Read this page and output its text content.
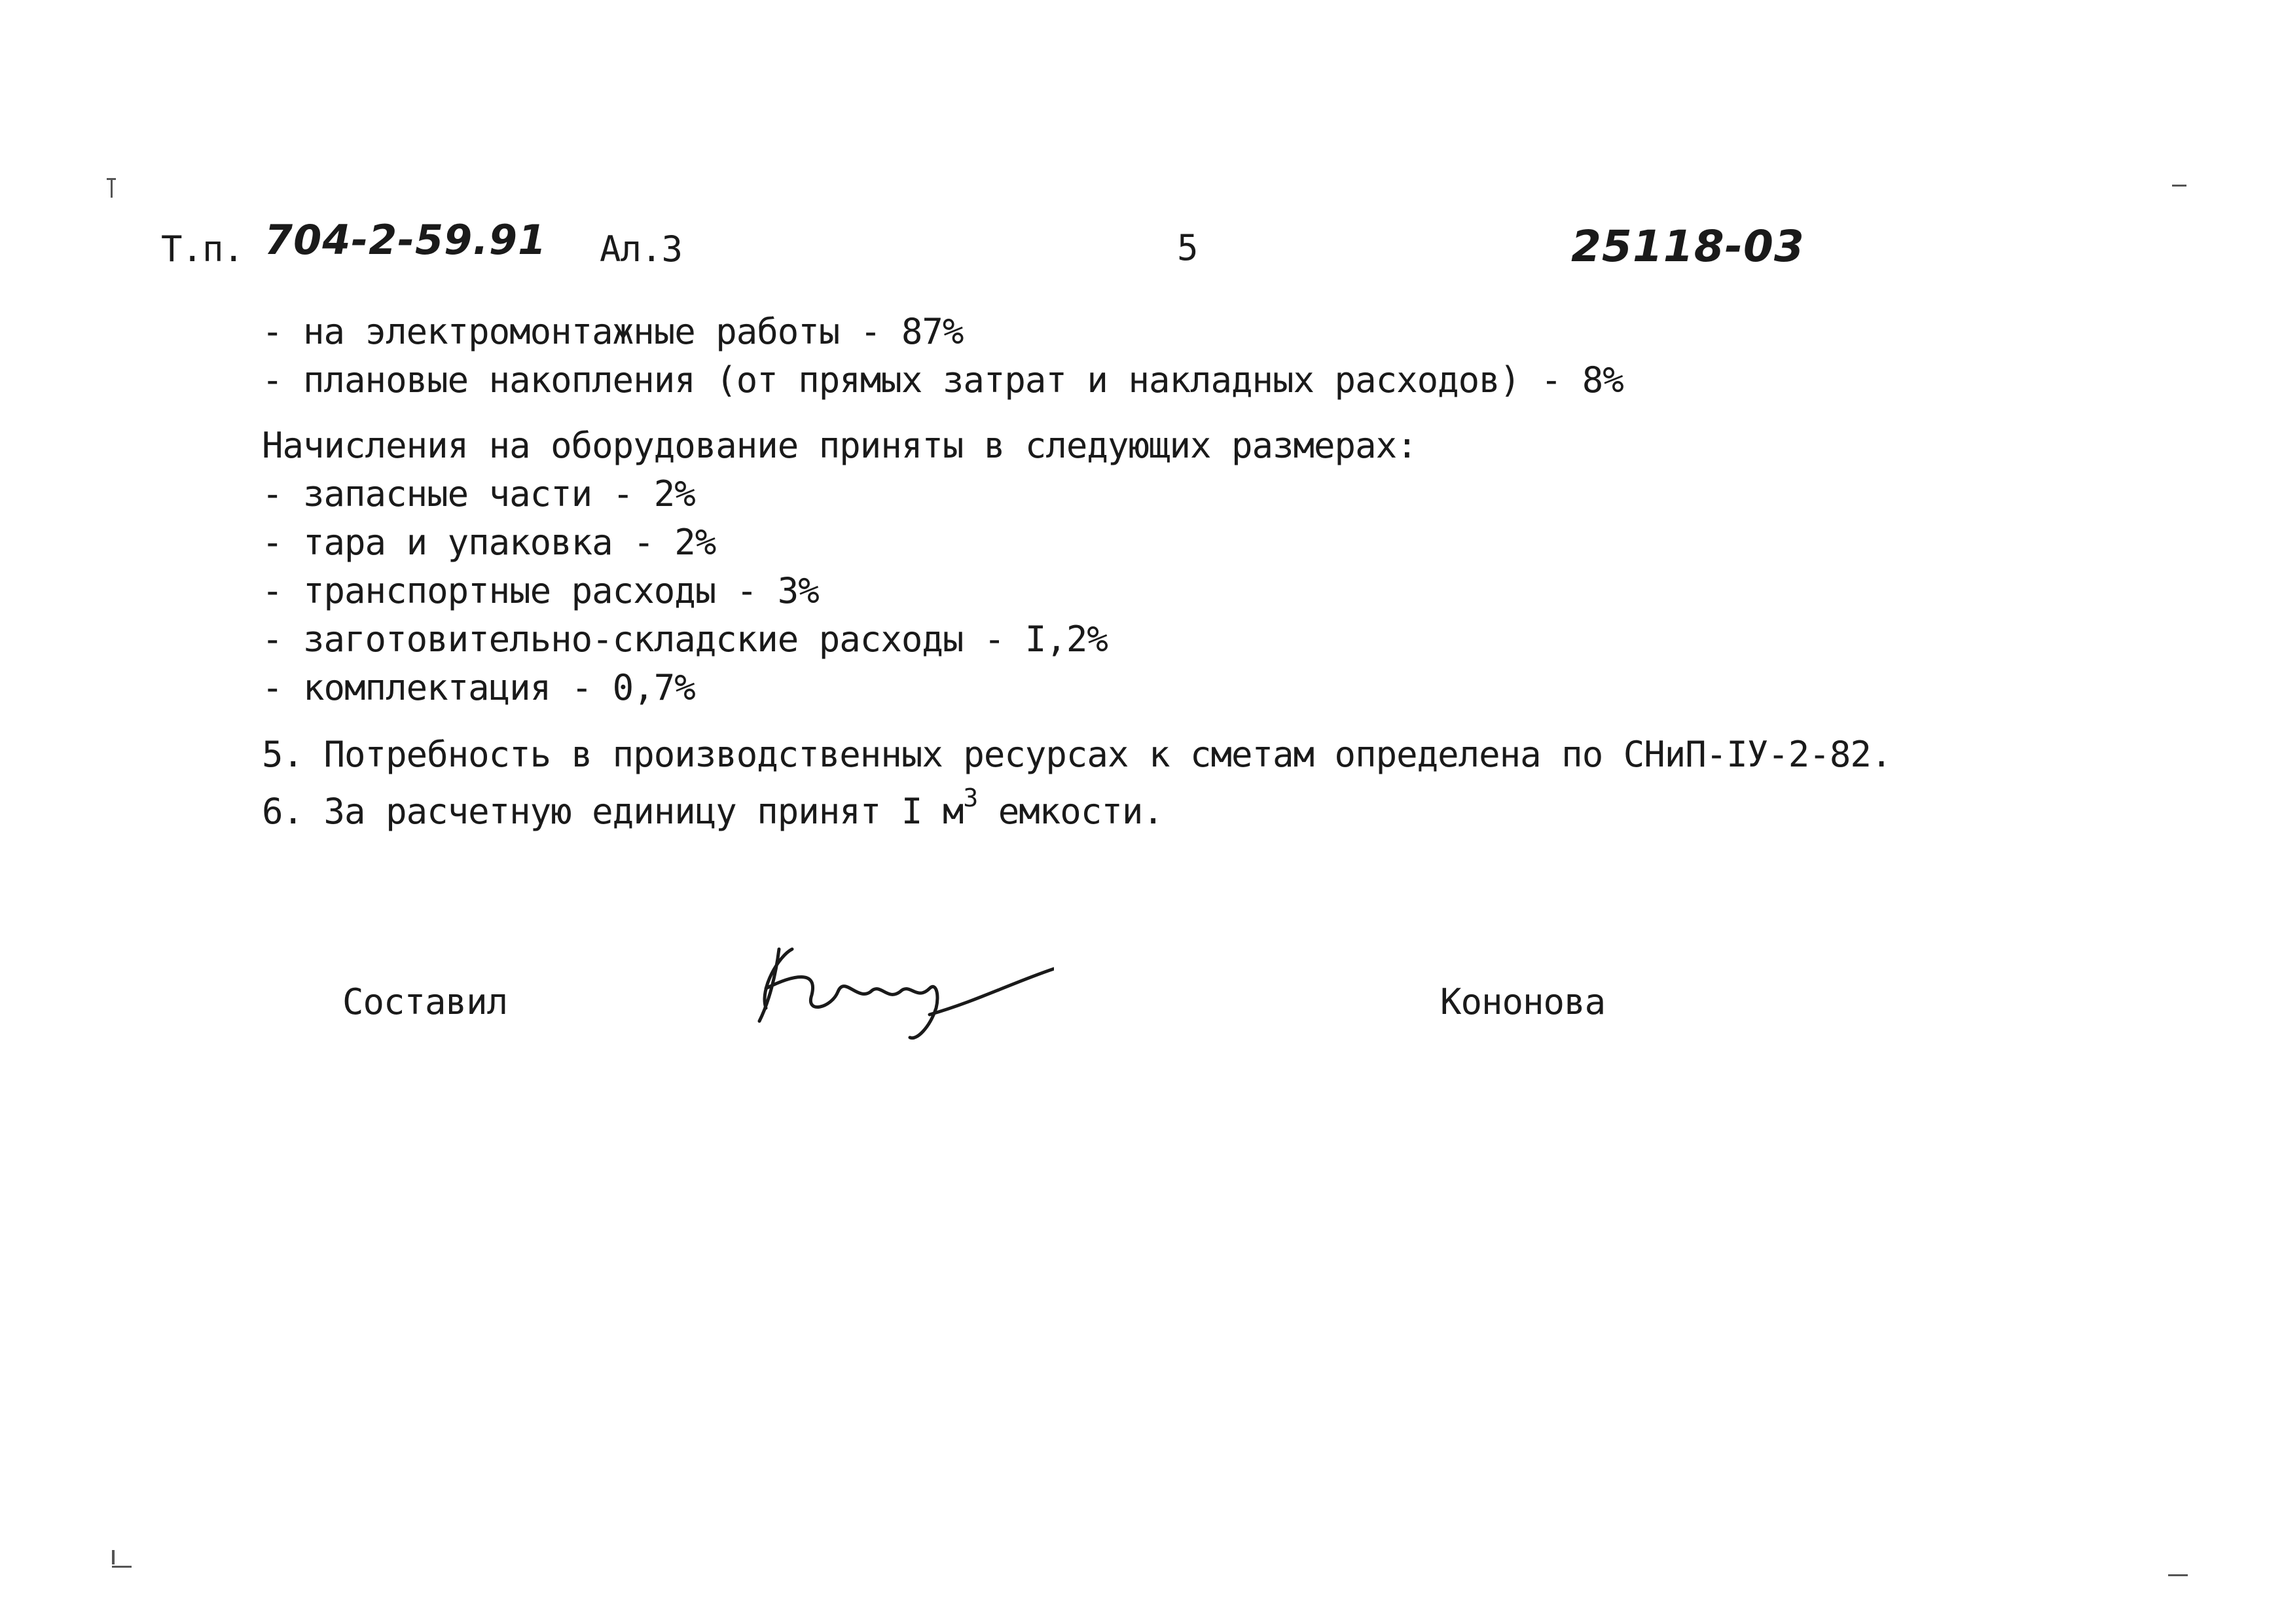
Т.п. 704-2-59.91 Ал.3	5	25118-03
- на электромонтажные работы - 87%
- плановые накопления (от прямых затрат и накладных расходов) - 8%
Начисления на оборудование приняты в следующих размерах:
- запасные части - 2%
- тара и упаковка - 2%
- транспортные расходы - 3%
- заготовительно-складские расходы - I,2%
- комплектация - 0,7%
5. Потребность в производственных ресурсах к сметам определена по СНиП-IУ-2-82.
6. За расчетную единицу принят I $м^3$ емкости.
Составил	Кононова
